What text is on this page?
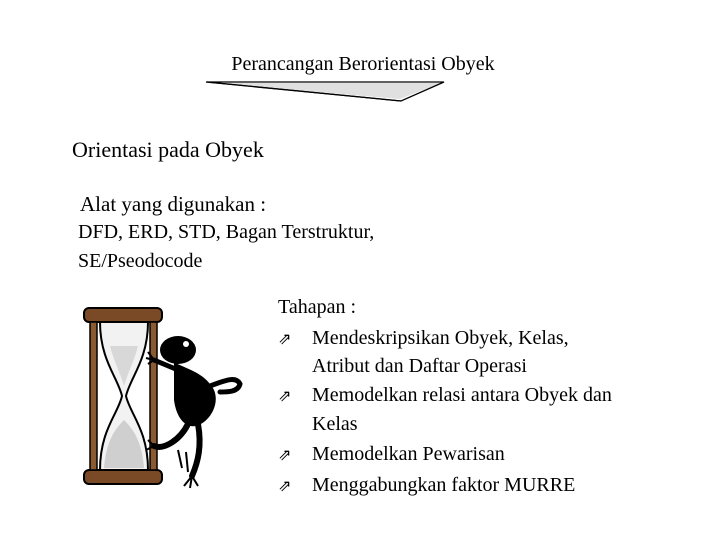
Perancangan Berorientasi Obyek
Orientasi pada Obyek
Alat yang digunakan :
DFD, ERD, STD, Bagan Terstruktur,
SE/Pseodocode
Tahapan :
⇗ Mendeskripsikan Obyek, Kelas,
Atribut dan Daftar Operasi
⇗ Memodelkan relasi antara Obyek dan
Kelas
⇗ Memodelkan Pewarisan
⇗ Menggabungkan faktor MURRE
